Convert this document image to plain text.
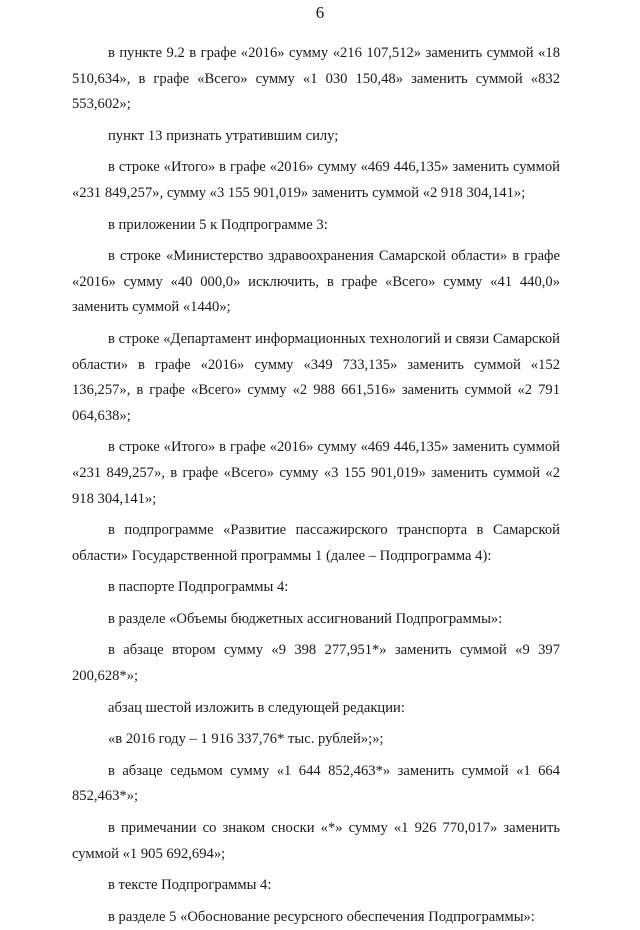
6

в пункте 9.2 в графе «2016» сумму «216 107,512» заменить суммой «18 510,634», в графе «Всего» сумму «1 030 150,48» заменить суммой «832 553,602»;

пункт 13 признать утратившим силу;

в строке «Итого» в графе «2016» сумму «469 446,135» заменить суммой «231 849,257», сумму «3 155 901,019» заменить суммой «2 918 304,141»;

в приложении 5 к Подпрограмме 3:

в строке «Министерство здравоохранения Самарской области» в графе «2016» сумму «40 000,0» исключить, в графе «Всего» сумму «41 440,0» заменить суммой «1440»;

в строке «Департамент информационных технологий и связи Самарской области» в графе «2016» сумму «349 733,135» заменить суммой «152 136,257», в графе «Всего» сумму «2 988 661,516» заменить суммой «2 791 064,638»;

в строке «Итого» в графе «2016» сумму «469 446,135» заменить суммой «231 849,257», в графе «Всего» сумму «3 155 901,019» заменить суммой «2 918 304,141»;

в подпрограмме «Развитие пассажирского транспорта в Самарской области» Государственной программы 1 (далее – Подпрограмма 4):

в паспорте Подпрограммы 4:

в разделе «Объемы бюджетных ассигнований Подпрограммы»:

в абзаце втором сумму «9 398 277,951*» заменить суммой «9 397 200,628*»;

абзац шестой изложить в следующей редакции:

«в 2016 году – 1 916 337,76* тыс. рублей»;»;

в абзаце седьмом сумму «1 644 852,463*» заменить суммой «1 664 852,463*»;

в примечании со знаком сноски «*» сумму «1 926 770,017» заменить суммой «1 905 692,694»;

в тексте Подпрограммы 4:

в разделе 5 «Обоснование ресурсного обеспечения Подпрограммы»:
